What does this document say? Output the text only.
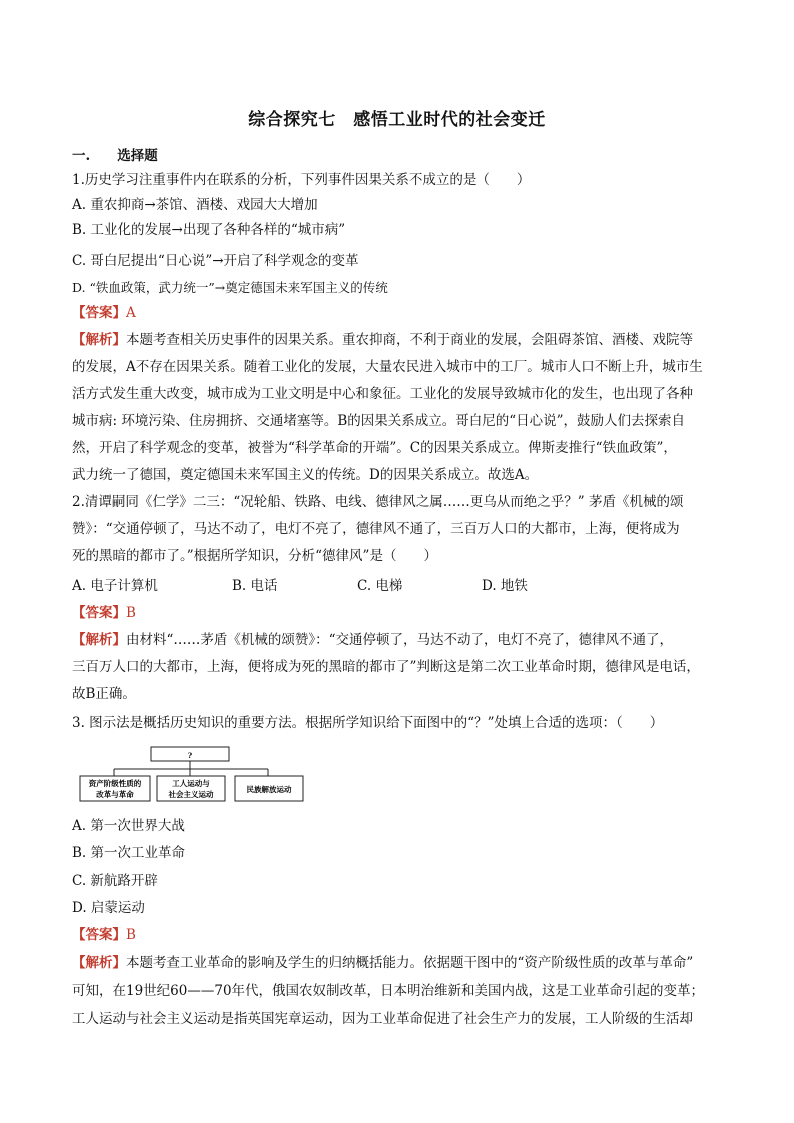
综合探究七　感悟工业时代的社会变迁
一.　　选择题
1.历史学习注重事件内在联系的分析，下列事件因果关系不成立的是（　　）
A. 重农抑商→茶馆、酒楼、戏园大大增加
B. 工业化的发展→出现了各种各样的“城市病”
C. 哥白尼提出“日心说”→开启了科学观念的变革
D. “铁血政策，武力统一”→奠定德国未来军国主义的传统
【答案】A
【解析】本题考查相关历史事件的因果关系。重农抑商，不利于商业的发展，会阻碍茶馆、酒楼、戏院等
的发展，A不存在因果关系。随着工业化的发展，大量农民进入城市中的工厂。城市人口不断上升，城市生
活方式发生重大改变，城市成为工业文明是中心和象征。工业化的发展导致城市化的发生，也出现了各种
城市病: 环境污染、住房拥挤、交通堵塞等。B的因果关系成立。哥白尼的“日心说”，鼓励人们去探索自
然，开启了科学观念的变革，被誉为“科学革命的开端”。C的因果关系成立。俾斯麦推行“铁血政策”，
武力统一了德国，奠定德国未来军国主义的传统。D的因果关系成立。故选A。
2.清谭嗣同《仁学》二三：“况轮船、铁路、电线、德律风之属……更乌从而绝之乎？” 茅盾《机械的颂
赞》：“交通停顿了，马达不动了，电灯不亮了，德律风不通了，三百万人口的大都市，上海，便将成为
死的黑暗的都市了。”根据所学知识，分析“德律风”是（　　）
A. 电子计算机	B. 电话	C. 电梯	D. 地铁
【答案】B
【解析】由材料“……茅盾《机械的颂赞》：“交通停顿了，马达不动了，电灯不亮了，德律风不通了，
三百万人口的大都市，上海，便将成为死的黑暗的都市了”判断这是第二次工业革命时期，德律风是电话，
故B正确。
3. 图示法是概括历史知识的重要方法。根据所学知识给下面图中的“？”处填上合适的选项：（　　）
?
资产阶级性质的
改革与革命
工人运动与
社会主义运动
民族解放运动
A. 第一次世界大战
B. 第一次工业革命
C. 新航路开辟
D. 启蒙运动
【答案】B
【解析】本题考查工业革命的影响及学生的归纳概括能力。依据题干图中的“资产阶级性质的改革与革命”
可知，在19世纪60——70年代，俄国农奴制改革，日本明治维新和美国内战，这是工业革命引起的变革；
工人运动与社会主义运动是指英国宪章运动，因为工业革命促进了社会生产力的发展，工人阶级的生活却
